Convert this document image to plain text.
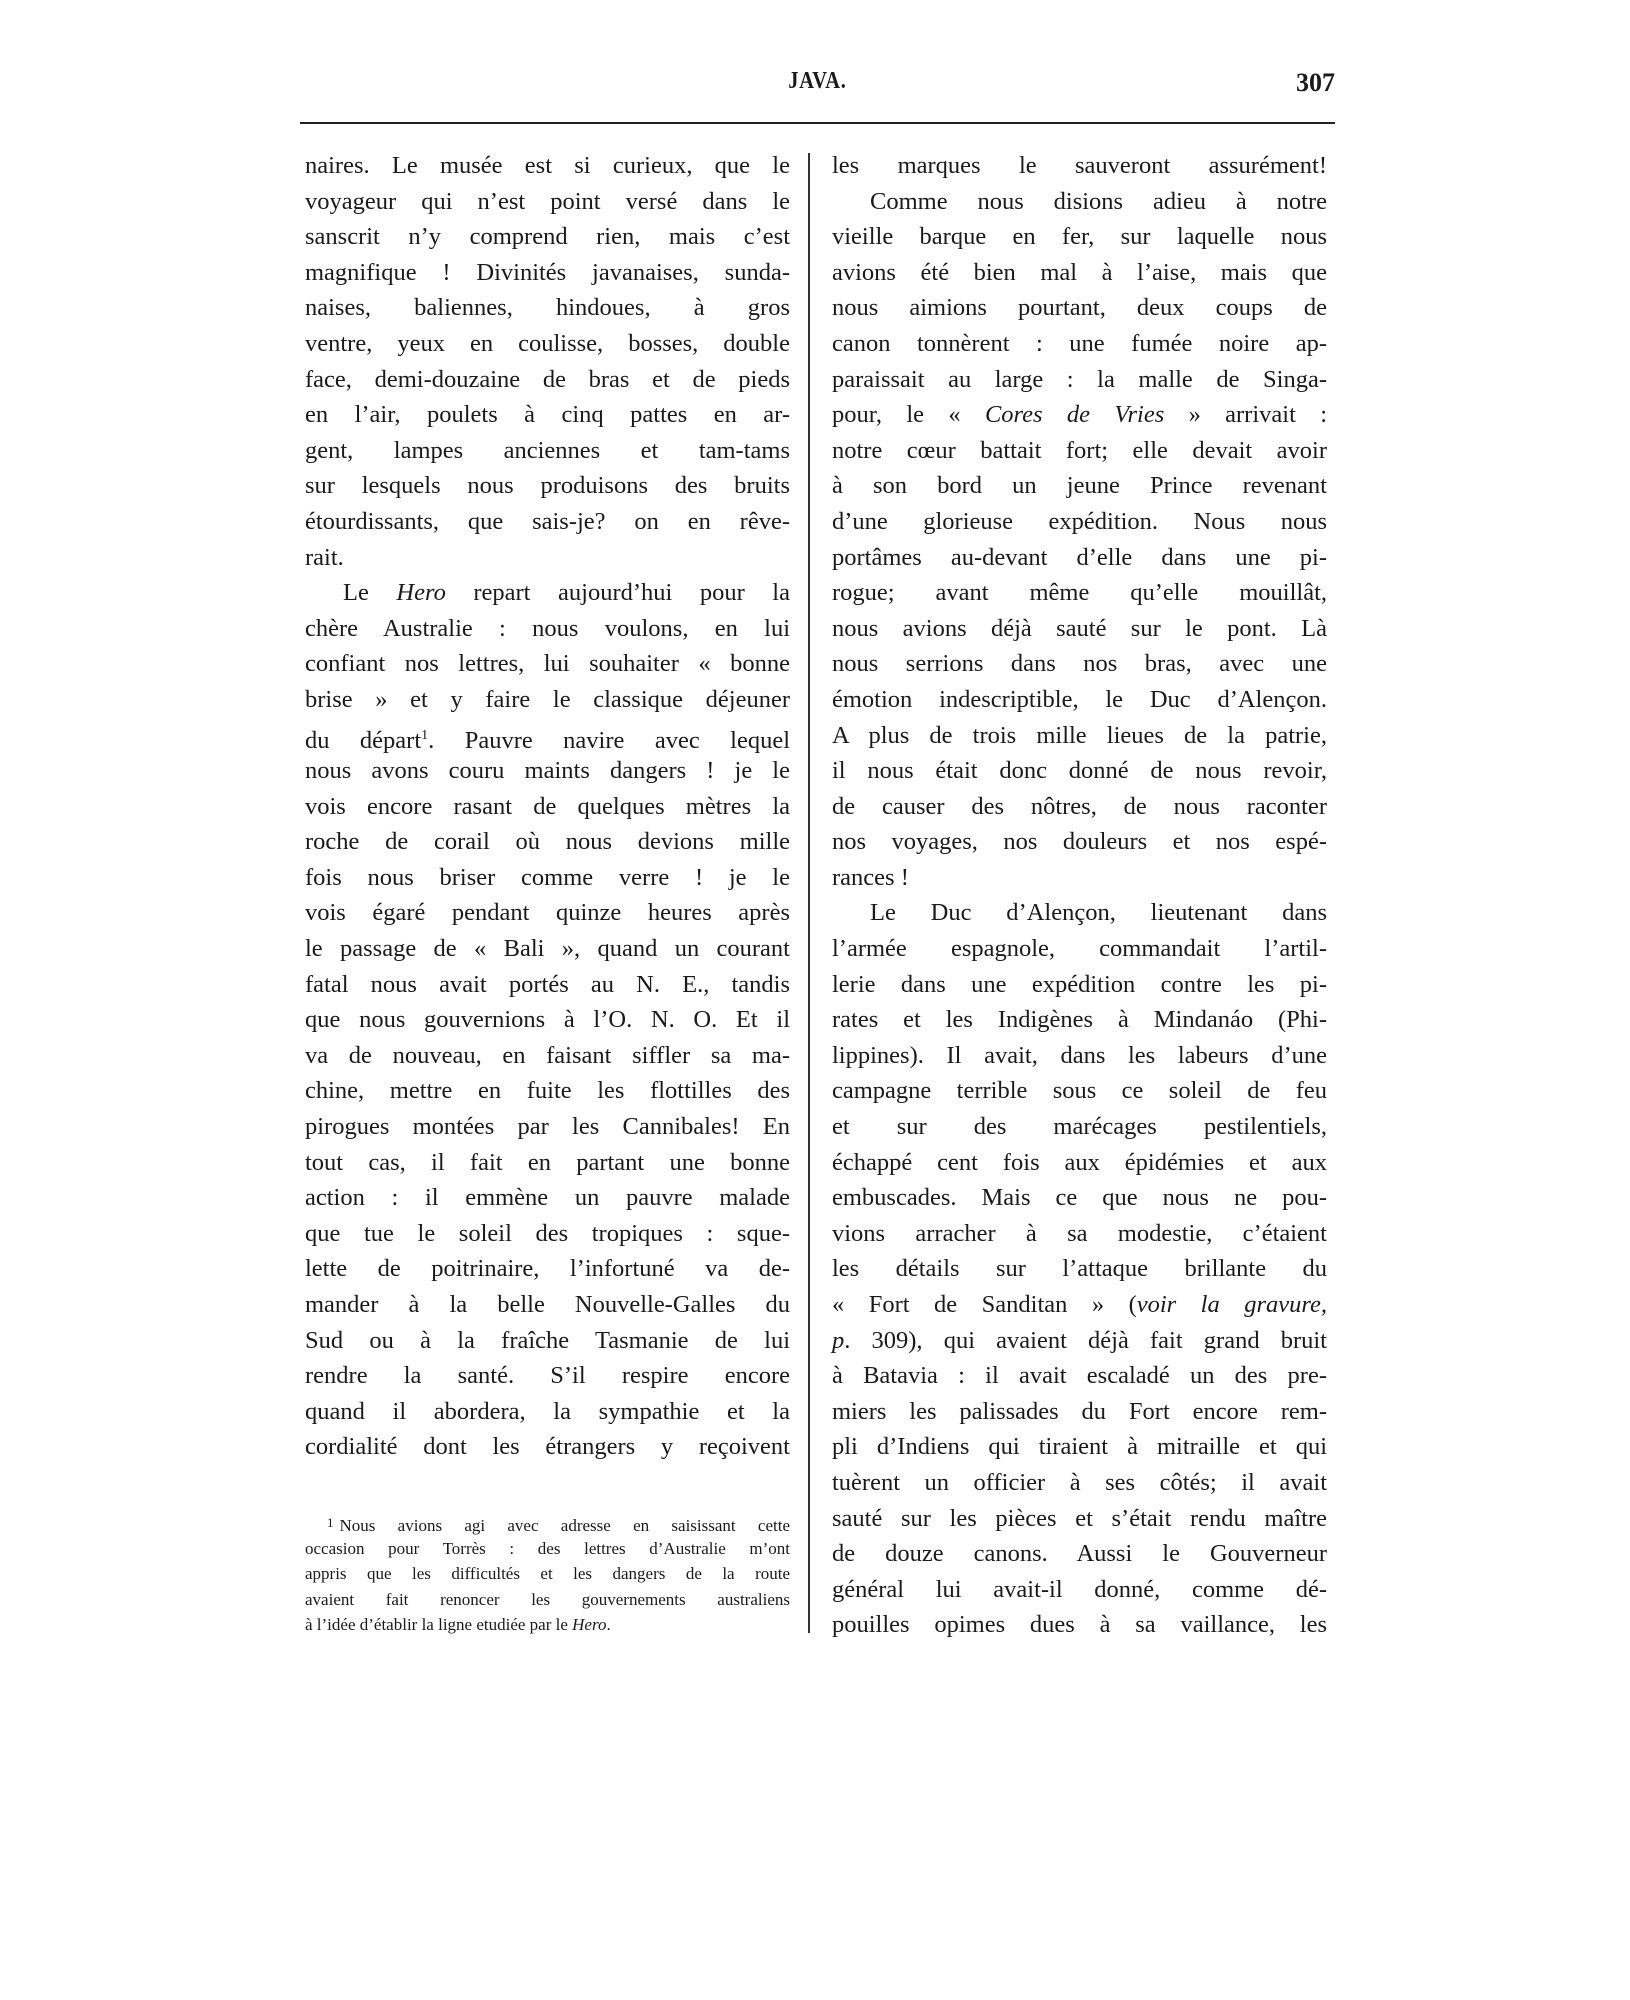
JAVA.	307
naires. Le musée est si curieux, que le
voyageur qui n’est point versé dans le
sanscrit n’y comprend rien, mais c’est
magnifique ! Divinités javanaises, sunda-
naises, baliennes, hindoues, à gros
ventre, yeux en coulisse, bosses, double
face, demi-douzaine de bras et de pieds
en l’air, poulets à cinq pattes en ar-
gent, lampes anciennes et tam-tams
sur lesquels nous produisons des bruits
étourdissants, que sais-je? on en rêve-
rait.
Le Hero repart aujourd’hui pour la
chère Australie : nous voulons, en lui
confiant nos lettres, lui souhaiter « bonne
brise » et y faire le classique déjeuner
du départ$^1$. Pauvre navire avec lequel
nous avons couru maints dangers ! je le
vois encore rasant de quelques mètres la
roche de corail où nous devions mille
fois nous briser comme verre ! je le
vois égaré pendant quinze heures après
le passage de « Bali », quand un courant
fatal nous avait portés au N. E., tandis
que nous gouvernions à l’O. N. O. Et il
va de nouveau, en faisant siffler sa ma-
chine, mettre en fuite les flottilles des
pirogues montées par les Cannibales! En
tout cas, il fait en partant une bonne
action : il emmène un pauvre malade
que tue le soleil des tropiques : sque-
lette de poitrinaire, l’infortuné va de-
mander à la belle Nouvelle-Galles du
Sud ou à la fraîche Tasmanie de lui
rendre la santé. S’il respire encore
quand il abordera, la sympathie et la
cordialité dont les étrangers y reçoivent
$^1$ Nous avions agi avec adresse en saisissant cette
occasion pour Torrès : des lettres d’Australie m’ont
appris que les difficultés et les dangers de la route
avaient fait renoncer les gouvernements australiens
à l’idée d’établir la ligne etudiée par le Hero.
les marques le sauveront assurément!
Comme nous disions adieu à notre
vieille barque en fer, sur laquelle nous
avions été bien mal à l’aise, mais que
nous aimions pourtant, deux coups de
canon tonnèrent : une fumée noire ap-
paraissait au large : la malle de Singa-
pour, le « Cores de Vries » arrivait :
notre cœur battait fort; elle devait avoir
à son bord un jeune Prince revenant
d’une glorieuse expédition. Nous nous
portâmes au-devant d’elle dans une pi-
rogue; avant même qu’elle mouillât,
nous avions déjà sauté sur le pont. Là
nous serrions dans nos bras, avec une
émotion indescriptible, le Duc d’Alençon.
A plus de trois mille lieues de la patrie,
il nous était donc donné de nous revoir,
de causer des nôtres, de nous raconter
nos voyages, nos douleurs et nos espé-
rances !
Le Duc d’Alençon, lieutenant dans
l’armée espagnole, commandait l’artil-
lerie dans une expédition contre les pi-
rates et les Indigènes à Mindanáo (Phi-
lippines). Il avait, dans les labeurs d’une
campagne terrible sous ce soleil de feu
et sur des marécages pestilentiels,
échappé cent fois aux épidémies et aux
embuscades. Mais ce que nous ne pou-
vions arracher à sa modestie, c’étaient
les détails sur l’attaque brillante du
« Fort de Sanditan » (voir la gravure,
p. 309), qui avaient déjà fait grand bruit
à Batavia : il avait escaladé un des pre-
miers les palissades du Fort encore rem-
pli d’Indiens qui tiraient à mitraille et qui
tuèrent un officier à ses côtés; il avait
sauté sur les pièces et s’était rendu maître
de douze canons. Aussi le Gouverneur
général lui avait-il donné, comme dé-
pouilles opimes dues à sa vaillance, les
